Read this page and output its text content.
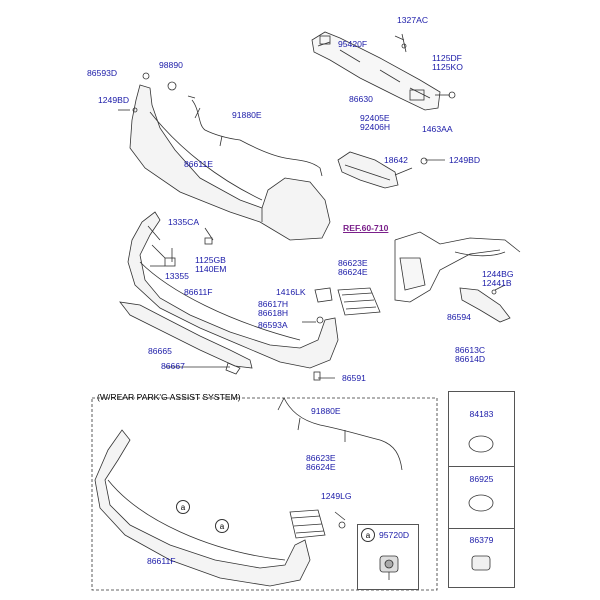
1327AC
95420F
1125DF
1125KO
86630
1463AA
86593D
98890
1249BD
91880E	92405E
92406H
18642	1249BD
86611E
1335CA
1125GB
1140EM
13355
86611F
REF.60-710
86623E
86624E
1416LK
86617H
86618H
86593A
1244BG
12441B
86594
86613C
86614D
86665
86667
86591
(W/REAR PARK'G ASSIST SYSTEM)
91880E
86623E
86624E
1249LG
86611F
a
a
a	95720D
84183
86925
86379
